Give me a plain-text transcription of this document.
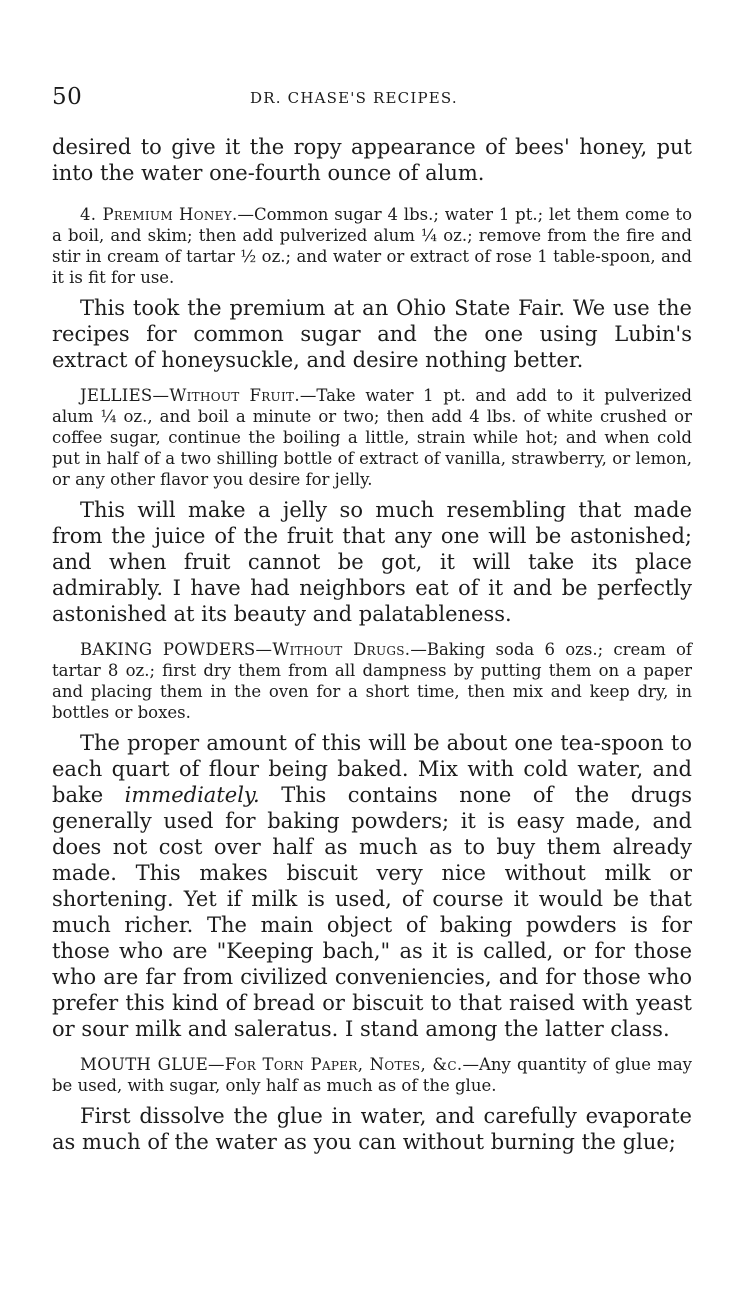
50	DR. CHASE'S RECIPES.

desired to give it the ropy appearance of bees' honey, put into the water one-fourth ounce of alum.

4. Premium Honey.—Common sugar 4 lbs.; water 1 pt.; let them come to a boil, and skim; then add pulverized alum ¼ oz.; remove from the fire and stir in cream of tartar ½ oz.; and water or extract of rose 1 table-spoon, and it is fit for use.

This took the premium at an Ohio State Fair. We use the recipes for common sugar and the one using Lubin's extract of honeysuckle, and desire nothing better.

JELLIES—Without Fruit.—Take water 1 pt. and add to it pulverized alum ¼ oz., and boil a minute or two; then add 4 lbs. of white crushed or coffee sugar, continue the boiling a little, strain while hot; and when cold put in half of a two shilling bottle of extract of vanilla, strawberry, or lemon, or any other flavor you desire for jelly.

This will make a jelly so much resembling that made from the juice of the fruit that any one will be astonished; and when fruit cannot be got, it will take its place admirably. I have had neighbors eat of it and be perfectly astonished at its beauty and palatableness.

BAKING POWDERS—Without Drugs.—Baking soda 6 ozs.; cream of tartar 8 oz.; first dry them from all dampness by putting them on a paper and placing them in the oven for a short time, then mix and keep dry, in bottles or boxes.

The proper amount of this will be about one tea-spoon to each quart of flour being baked. Mix with cold water, and bake immediately. This contains none of the drugs generally used for baking powders; it is easy made, and does not cost over half as much as to buy them already made. This makes biscuit very nice without milk or shortening. Yet if milk is used, of course it would be that much richer. The main object of baking powders is for those who are "Keeping bach," as it is called, or for those who are far from civilized conveniencies, and for those who prefer this kind of bread or biscuit to that raised with yeast or sour milk and saleratus. I stand among the latter class.

MOUTH GLUE—For Torn Paper, Notes, &c.—Any quantity of glue may be used, with sugar, only half as much as of the glue.

First dissolve the glue in water, and carefully evaporate as much of the water as you can without burning the glue;
